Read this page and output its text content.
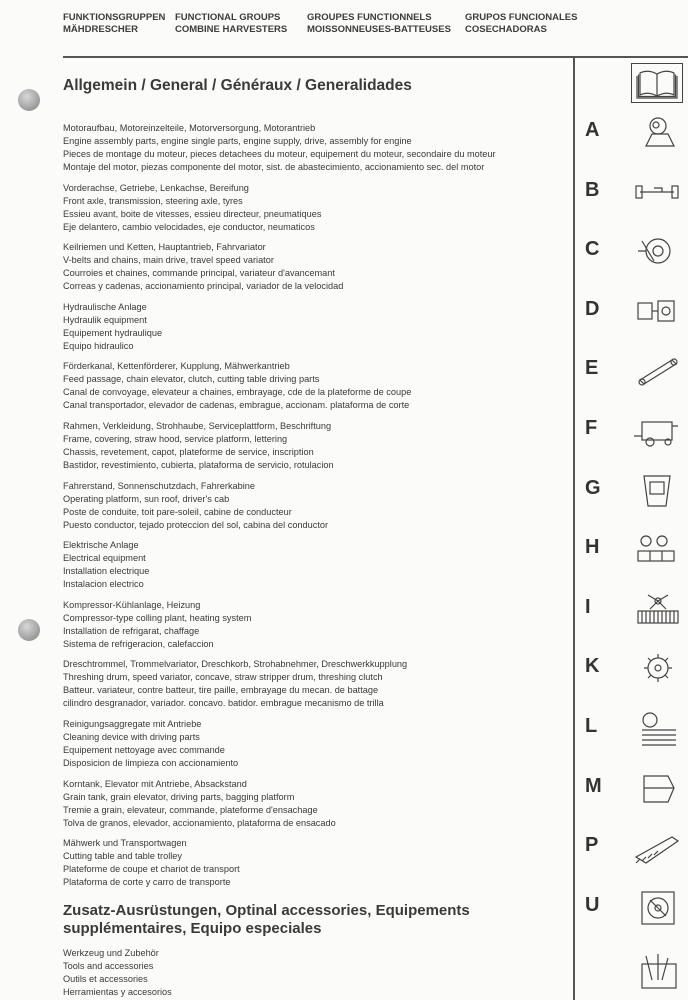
FUNKTIONSGRUPPEN
MÄHDRESCHER
FUNCTIONAL GROUPS
COMBINE HARVESTERS
GROUPES FUNCTIONNELS
MOISSONNEUSES-BATTEUSES
GRUPOS FUNCIONALES
COSECHADORAS
Allgemein / General / Généraux / Generalidades
Motoraufbau, Motoreinzelteile, Motorversorgung, Motorantrieb
Engine assembly parts, engine single parts, engine supply, drive, assembly for engine
Pieces de montage du moteur, pieces detachees du moteur, equipement du moteur, secondaire du moteur
Montaje del motor, piezas componente del motor, sist. de abastecimiento, accionamiento sec. del motor
A
Vorderachse, Getriebe, Lenkachse, Bereifung
Front axle, transmission, steering axle, tyres
Essieu avant, boite de vitesses, essieu directeur, pneumatiques
Eje delantero, cambio velocidades, eje conductor, neumaticos
B
Keilriemen und Ketten, Hauptantrieb, Fahrvariator
V-belts and chains, main drive, travel speed variator
Courroies et chaines, commande principal, variateur d'avancemant
Correas y cadenas, accionamiento principal, variador de la velocidad
C
Hydraulische Anlage
Hydraulik equipment
Equipement hydraulique
Equipo hidraulico
D
Förderkanal, Kettenförderer, Kupplung, Mähwerkantrieb
Feed passage, chain elevator, clutch, cutting table driving parts
Canal de convoyage, elevateur a chaines, embrayage, cde de la plateforme de coupe
Canal transportador, elevador de cadenas, embrague, accionam. plataforma de corte
E
Rahmen, Verkleidung, Strohhaube, Serviceplattform, Beschriftung
Frame, covering, straw hood, service platform, lettering
Chassis, revetement, capot, plateforme de service, inscription
Bastidor, revestimiento, cubierta, plataforma de servicio, rotulacion
F
Fahrerstand, Sonnenschutzdach, Fahrerkabine
Operating platform, sun roof, driver's cab
Poste de conduite, toit pare-soleil, cabine de conducteur
Puesto conductor, tejado proteccion del sol, cabina del conductor
G
Elektrische Anlage
Electrical equipment
Installation electrique
Instalacion electrico
H
Kompressor-Kühlanlage, Heizung
Compressor-type colling plant, heating system
Installation de refrigarat, chaffage
Sistema de refrigeracion, calefaccion
I
Dreschtrommel, Trommelvariator, Dreschkorb, Strohabnehmer, Dreschwerkkupplung
Threshing drum, speed variator, concave, straw stripper drum, threshing clutch
Batteur. variateur, contre batteur, tire paille, embrayage du mecan. de battage
cilindro desgranador, variador. concavo. batidor. embrague mecanismo de trilla
K
Reinigungsaggregate mit Antriebe
Cleaning device with driving parts
Equipement nettoyage avec commande
Disposicion de limpieza con accionamiento
L
Korntank, Elevator mit Antriebe, Absackstand
Grain tank, grain elevator, driving parts, bagging platform
Tremie a grain, elevateur, commande, plateforme d'ensachage
Tolva de granos, elevador, accionamiento, plataforma de ensacado
M
Mähwerk und Transportwagen
Cutting table and table trolley
Plateforme de coupe et chariot de transport
Plataforma de corte y carro de transporte
P
Zusatz-Ausrüstungen, Optinal accessories, Equipements
supplémentaires, Equipo especiales
Werkzeug und Zubehör
Tools and accessories
Outils et accessories
Herramientas y accesorios
U
